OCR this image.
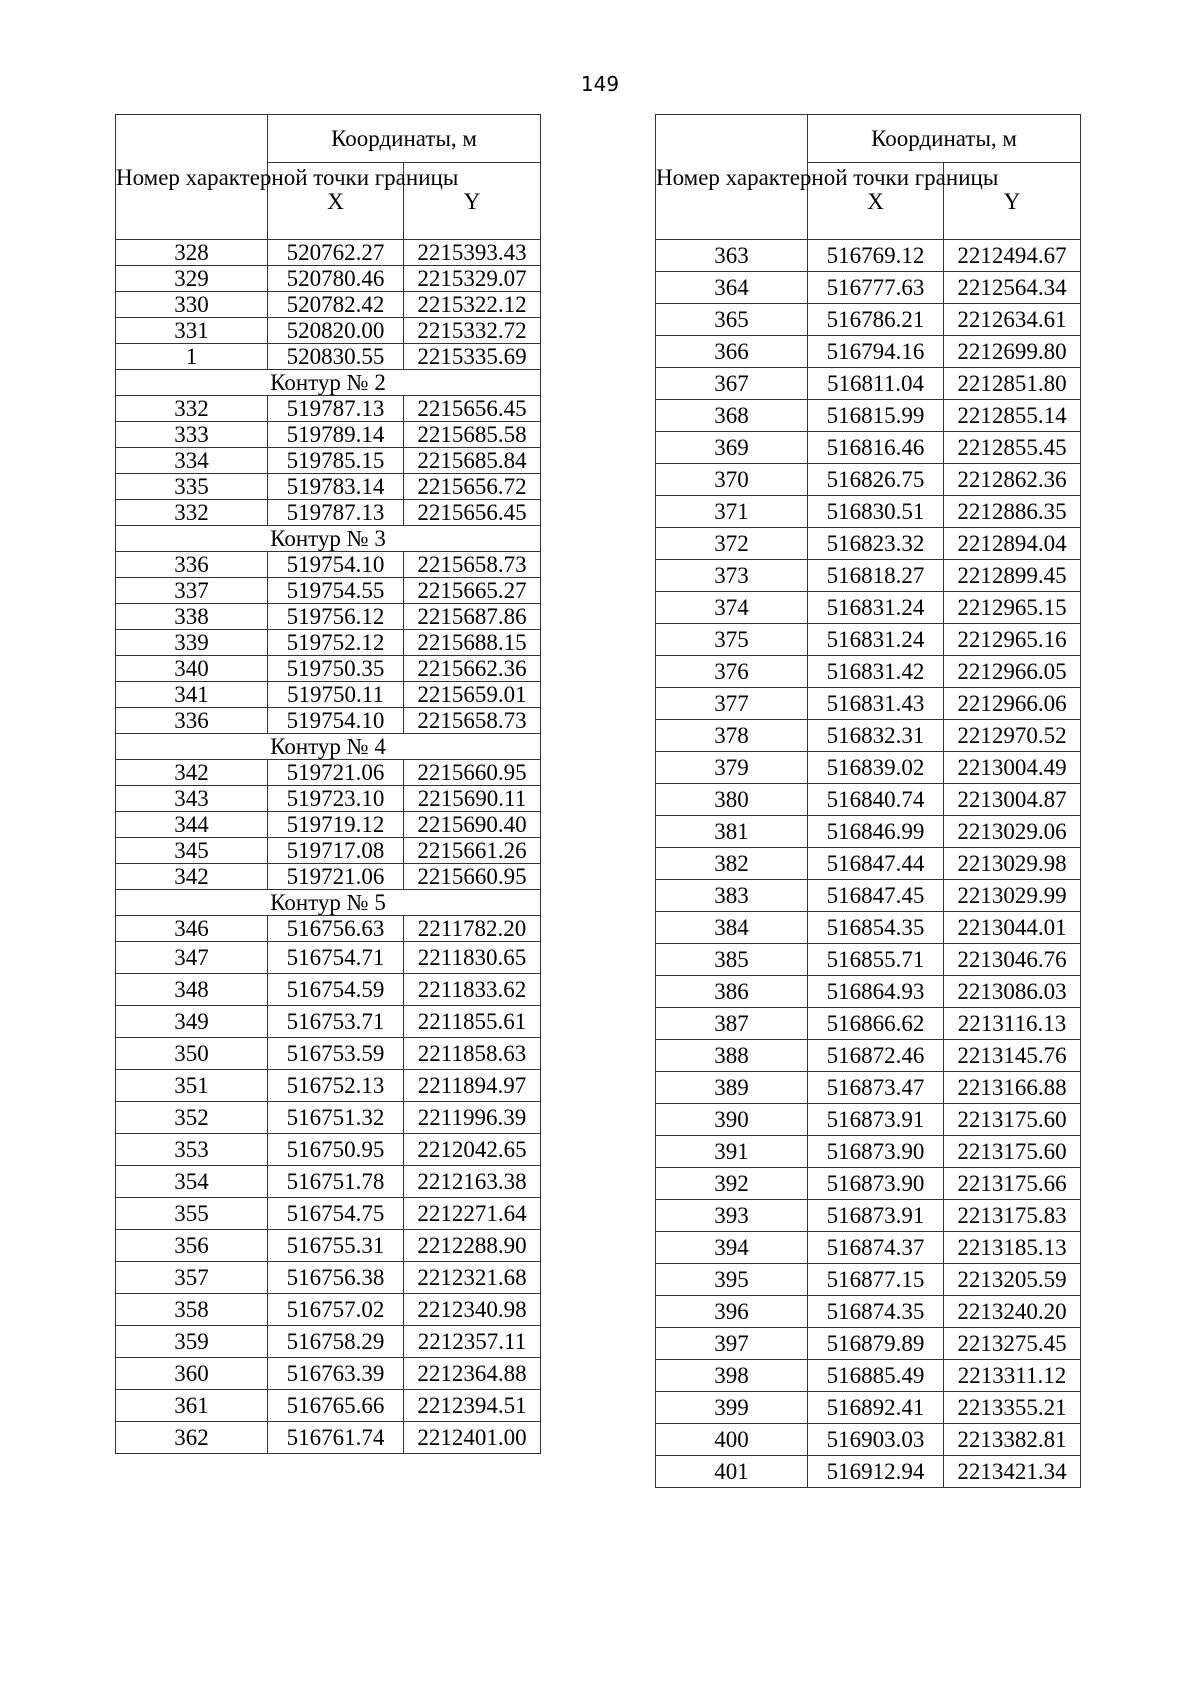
149
Номер характерной точки границы	Координаты, м	
	X	Y
328	520762.27	2215393.43
329	520780.46	2215329.07
330	520782.42	2215322.12
331	520820.00	2215332.72
1	520830.55	2215335.69
Контур № 2		
332	519787.13	2215656.45
333	519789.14	2215685.58
334	519785.15	2215685.84
335	519783.14	2215656.72
332	519787.13	2215656.45
Контур № 3		
336	519754.10	2215658.73
337	519754.55	2215665.27
338	519756.12	2215687.86
339	519752.12	2215688.15
340	519750.35	2215662.36
341	519750.11	2215659.01
336	519754.10	2215658.73
Контур № 4		
342	519721.06	2215660.95
343	519723.10	2215690.11
344	519719.12	2215690.40
345	519717.08	2215661.26
342	519721.06	2215660.95
Контур № 5		
346	516756.63	2211782.20
347	516754.71	2211830.65
348	516754.59	2211833.62
349	516753.71	2211855.61
350	516753.59	2211858.63
351	516752.13	2211894.97
352	516751.32	2211996.39
353	516750.95	2212042.65
354	516751.78	2212163.38
355	516754.75	2212271.64
356	516755.31	2212288.90
357	516756.38	2212321.68
358	516757.02	2212340.98
359	516758.29	2212357.11
360	516763.39	2212364.88
361	516765.66	2212394.51
362	516761.74	2212401.00
Номер характерной точки границы	Координаты, м	
	X	Y
363	516769.12	2212494.67
364	516777.63	2212564.34
365	516786.21	2212634.61
366	516794.16	2212699.80
367	516811.04	2212851.80
368	516815.99	2212855.14
369	516816.46	2212855.45
370	516826.75	2212862.36
371	516830.51	2212886.35
372	516823.32	2212894.04
373	516818.27	2212899.45
374	516831.24	2212965.15
375	516831.24	2212965.16
376	516831.42	2212966.05
377	516831.43	2212966.06
378	516832.31	2212970.52
379	516839.02	2213004.49
380	516840.74	2213004.87
381	516846.99	2213029.06
382	516847.44	2213029.98
383	516847.45	2213029.99
384	516854.35	2213044.01
385	516855.71	2213046.76
386	516864.93	2213086.03
387	516866.62	2213116.13
388	516872.46	2213145.76
389	516873.47	2213166.88
390	516873.91	2213175.60
391	516873.90	2213175.60
392	516873.90	2213175.66
393	516873.91	2213175.83
394	516874.37	2213185.13
395	516877.15	2213205.59
396	516874.35	2213240.20
397	516879.89	2213275.45
398	516885.49	2213311.12
399	516892.41	2213355.21
400	516903.03	2213382.81
401	516912.94	2213421.34
